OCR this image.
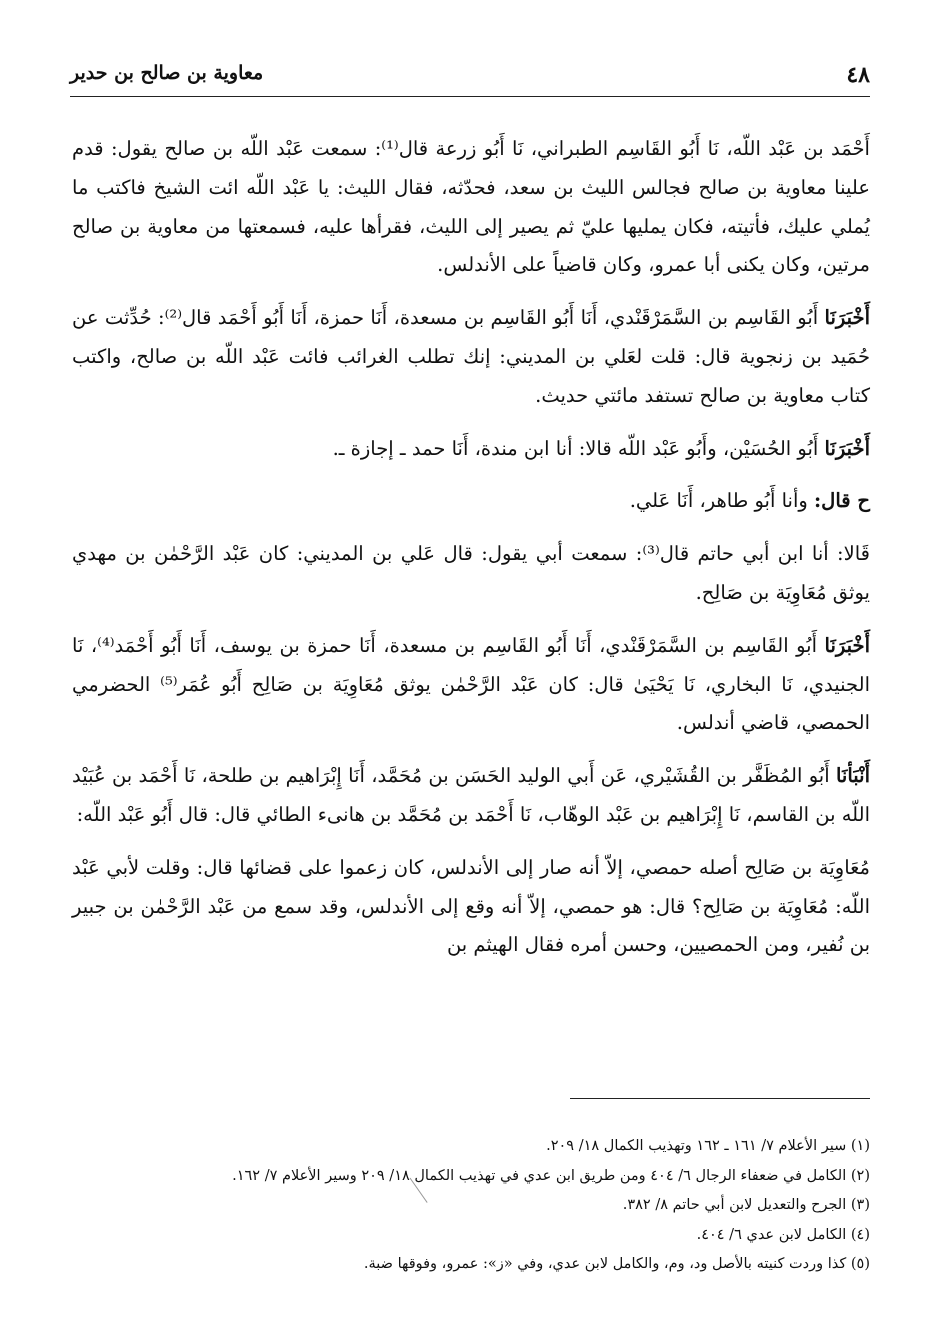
٤٨
معاوية بن صالح بن حدير

أَحْمَد بن عَبْد اللّه، نَا أَبُو القَاسِم الطبراني، نَا أَبُو زرعة قال⁽¹⁾: سمعت عَبْد اللّه بن صالح يقول: قدم علينا معاوية بن صالح فجالس الليث بن سعد، فحدّثه، فقال الليث: يا عَبْد اللّه ائت الشيخ فاكتب ما يُملي عليك، فأتيته، فكان يمليها عليّ ثم يصير إلى الليث، فقرأها عليه، فسمعتها من معاوية بن صالح مرتين، وكان يكنى أبا عمرو، وكان قاضياً على الأندلس.

أَخْبَرَنَا أَبُو القَاسِم بن السَّمَرْقَنْدي، أَنَا أَبُو القَاسِم بن مسعدة، أَنَا حمزة، أَنَا أَبُو أَحْمَد قال⁽²⁾: حُدِّثت عن حُمَيد بن زنجوية قال: قلت لعَلي بن المديني: إنك تطلب الغرائب فائت عَبْد اللّه بن صالح، واكتب كتاب معاوية بن صالح تستفد مائتي حديث.

أَخْبَرَنَا أَبُو الحُسَيْن، وأَبُو عَبْد اللّه قالا: أنا ابن مندة، أَنَا حمد ـ إجازة ـ.

ح قال: وأنا أَبُو طاهر، أَنَا عَلي.

قَالا: أنا ابن أبي حاتم قال⁽³⁾: سمعت أبي يقول: قال عَلي بن المديني: كان عَبْد الرَّحْمٰن بن مهدي يوثق مُعَاوِيَة بن صَالِح.

أَخْبَرَنَا أَبُو القَاسِم بن السَّمَرْقَنْدي، أَنَا أَبُو القَاسِم بن مسعدة، أَنَا حمزة بن يوسف، أَنَا أَبُو أَحْمَد⁽⁴⁾، نَا الجنيدي، نَا البخاري، نَا يَحْيَىٰ قال: كان عَبْد الرَّحْمٰن يوثق مُعَاوِيَة بن صَالِح أَبُو عُمَر⁽⁵⁾ الحضرمي الحمصي، قاضي أندلس.

أَنْبَأنَا أَبُو المُظَفَّر بن القُشَيْري، عَن أَبي الوليد الحَسَن بن مُحَمَّد، أَنَا إِبْرَاهيم بن طلحة، نَا أَحْمَد بن عُبَيْد اللّه بن القاسم، نَا إِبْرَاهيم بن عَبْد الوهّاب، نَا أَحْمَد بن مُحَمَّد بن هانىء الطائي قال: قال أَبُو عَبْد اللّه:

مُعَاوِيَة بن صَالِح أصله حمصي، إلاّ أنه صار إلى الأندلس، كان زعموا على قضائها قال: وقلت لأبي عَبْد اللّه: مُعَاوِيَة بن صَالِح؟ قال: هو حمصي، إلاّ أنه وقع إلى الأندلس، وقد سمع من عَبْد الرَّحْمٰن بن جبير بن نُفير، ومن الحمصيين، وحسن أمره فقال الهيثم بن

(١) سير الأعلام ٧/ ١٦١ ـ ١٦٢ وتهذيب الكمال ١٨/ ٢٠٩.

(٢) الكامل في ضعفاء الرجال ٦/ ٤٠٤ ومن طريق ابن عدي في تهذيب الكمال ١٨/ ٢٠٩ وسير الأعلام ٧/ ١٦٢.

(٣) الجرح والتعديل لابن أبي حاتم ٨/ ٣٨٢.

(٤) الكامل لابن عدي ٦/ ٤٠٤.

(٥) كذا وردت كنيته بالأصل ود، وم، والكامل لابن عدي، وفي «ز»: عمرو، وفوقها ضبة.
